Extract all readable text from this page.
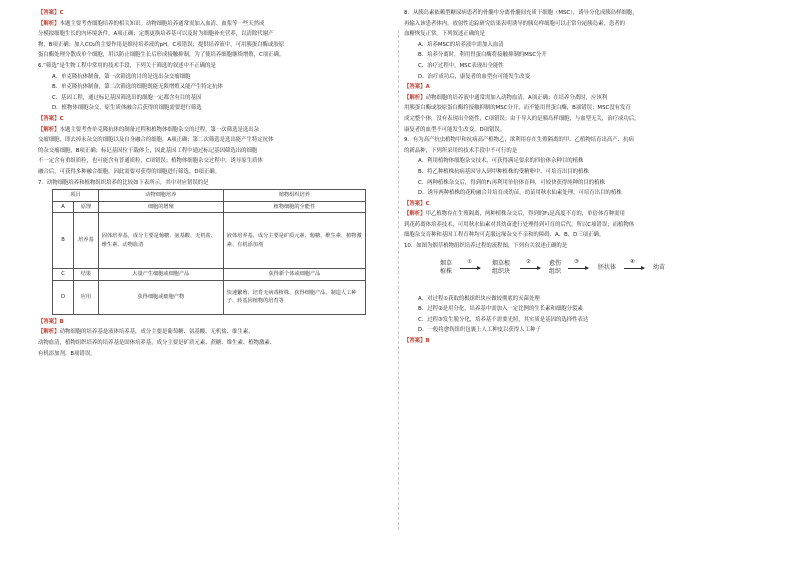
【答案】C

【解析】本题主要考查细胞培养的相关知识。动物细胞培养通常需加入血清、血浆等一些天然成
分模拟细胞生长的内环境条件，A项正确；定期更换培养基可以及时为细胞补充营养，以清除代谢产
物，B项正确；加入CO₂的主要作用是维持培养液的pH，C项错误；提供培养液中，可用胰蛋白酶或胶原
蛋白酶处理分散成单个细胞，用以防止细胞生长后形成接触抑制，为了使培养细胞继续增殖，C项正确。

6.“筛选”是生物工程中常用的技术手段，下列关于筛选的叙述中不正确的是

A．单克隆抗体制备，第一次筛选的目的是选出杂交瘤细胞

B．单克隆抗体制备，第二次筛选的细胞既能无限增殖又能产生特定抗体

C．基因工程，通过标记基因筛选出的细胞一定都含有目的基因

D．植物体细胞杂交，原生质体融合后获得的细胞需要进行筛选

【答案】C

【解析】本题主要考查单克隆抗体的制备过程和植物体细胞杂交的过程。第一次筛选是选出杂
交瘤细胞，即去掉未杂交的细胞以及自身融合的细胞，A项正确；第二次筛选是选出能产生特定抗体
的杂交瘤细胞，B项正确；标记基因位于载体上，因此基因工程中通过标记基因筛选出的细胞
不一定含有重组质粒，也可能含有普通质粒，C项错误；植物体细胞杂交过程中，诱导原生质体
融合后，可获得多种融合细胞，因此需要对获得的细胞进行筛选，D项正确。

7．动物细胞培养和植物组织培养的比较如下表所示，其中对应错误的是

项目		动物细胞培养	植物组织培养
A	原理	细胞的增殖	植物细胞的全能性
B	培养基	固体培养基，成分主要是葡糖、氨基酸、无机盐、维生素、动物血清	液体培养基，成分主要是矿质元素、葡糖、维生素、植物激素、有机添加剂
C	结果	大量产生细胞或细胞产品	获得新个体或细胞产品
D	应用	获得细胞或细胞产物	快速繁殖、培育无病毒植株、获得细胞产品、制造人工种子、转基因植物的培育等

【答案】B

【解析】动物细胞的培养基是液体培养基，成分主要是葡萄糖、氨基酸、无机盐、维生素、
动物血清，植物组织培养的培养基是固体培养基，成分主要是矿质元素、蔗糖、维生素、植物激素、
有机添加剂，B项错误。

8．从胰岛素依赖型糖尿病患者的骨髓中分离骨髓间充质干细胞（MSC），诱导分化成胰岛样细胞，
再输入该患者体内，放射性追踪研究结果表明诱导的胰岛样细胞可以正常分泌胰岛素，患者的
血糖恢复正常。下列叙述正确的是

A．培养MSC的培养液中需加入血清

B．培养分离时，利用胃蛋白酶将接触抑制的MSC分开

C．治疗过程中，MSC表现出全能性

D．治疗成功后，康复者的血型有可能发生改变

【答案】A

【解析】动物细胞的培养液中通常需加入动物血清，A项正确；在培养分离时，应该利
用胰蛋白酶或胶原蛋白酶将接触抑制的MSC分开，而不能用胃蛋白酶，B项错误；MSC没有发育
成完整个体，没有表现出全能性，C项错误；由于导入的是胰岛样细胞，与血型无关，治疗成功后，
康复者的血型不可能发生改变，D项错误。

9．有为高产抗虫植物甲和抗病高产植物乙，欲利用存在生殖隔离的甲、乙植物培育出高产、抗病
的新品种，下列所采用的技术手段中不可行的是

A．利用植物体细胞杂交技术，可获得满足要求的四倍体杂种目的植株

B．将乙种植株抗病基因导入到甲种植株的受精卵中，可培育出目的植株

C．两种植株杂交后，得到的F₁再利用单倍体育种，可较快获得纯种的目的植株

D．诱导两种植株的花粉融合并培育成幼苗，幼苗用秋水仙素处理，可培育出目的植株

【答案】C

【解析】甲乙植物存在生殖隔离，两种植株杂交后，得到的F₁是高度不育的，单倍体育种需用
到花药离体培养技术，可用秋水仙素对其幼苗进行处理得到可育的后代，所以C项错误；而植物体
细胞杂交育种和基因工程育种均可克服远缘杂交不亲和的障碍，A、B、D三项正确。

10．如图为烟草植物组织培养过程的流程图，下列有关叙述正确的是

烟草
植株
①	烟草根
组织块
②	愈伤
组织
③
胚状体
④
幼苗

A．对过程①获取的根组织块应做较彻底的灭菌处理

B．过程②是用分化，培养基中需加入一定比例的生长素和细胞分裂素

C．过程③发生脱分化，培养基不需要光照，其实质是基因的选择性表达

D．一般将愈伤组织包裹上人工种皮以获得人工种子

【答案】B
